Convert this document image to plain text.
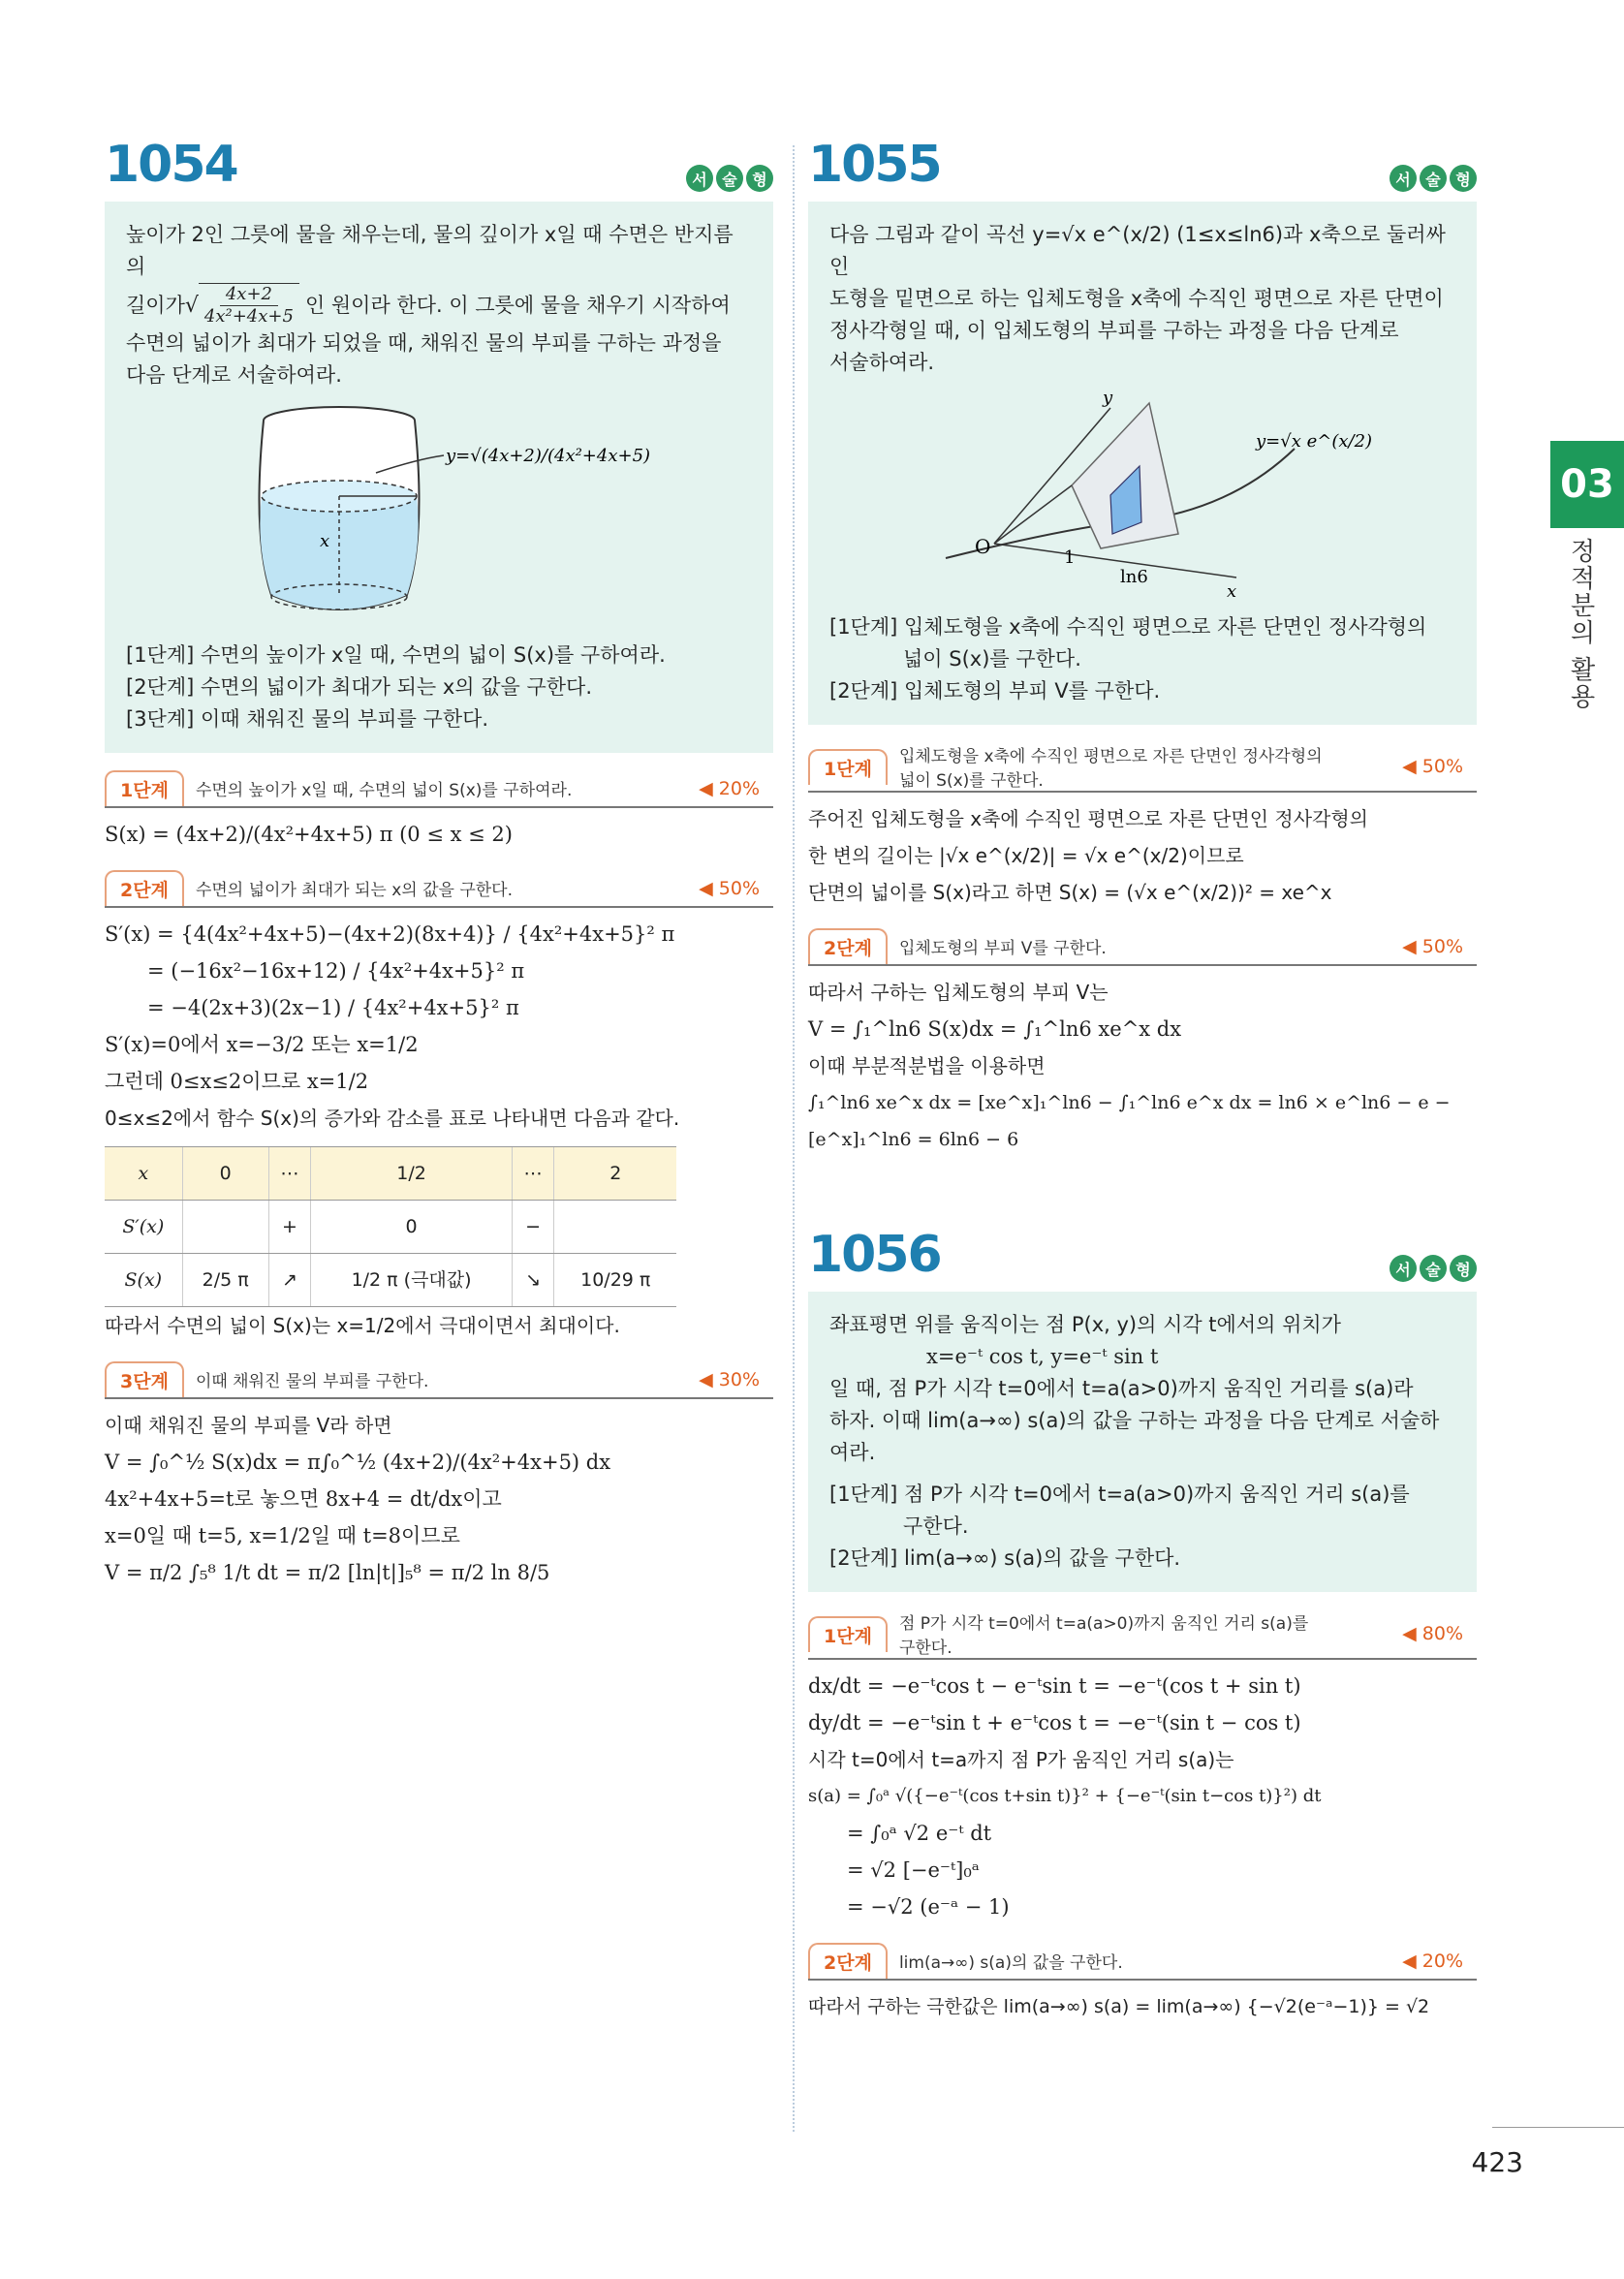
1054	서 술 형
높이가 2인 그릇에 물을 채우는데, 물의 깊이가 x일 때 수면은 반지름의
길이가 √ $\frac{4x+2}{\text{4x²+4x+5}}$ 인 원이라 한다. 이 그릇에 물을 채우기 시작하여
수면의 넓이가 최대가 되었을 때, 채워진 물의 부피를 구하는 과정을
다음 단계로 서술하여라.
y=√(4x+2)/(4x²+4x+5)
x
[1단계] 수면의 높이가 x일 때, 수면의 넓이 S(x)를 구하여라.
[2단계] 수면의 넓이가 최대가 되는 x의 값을 구한다.
[3단계] 이때 채워진 물의 부피를 구한다.
1단계	수면의 높이가 x일 때, 수면의 넓이 S(x)를 구하여라.	◀ 20%
S(x) = (4x+2)/(4x²+4x+5) π (0 ≤ x ≤ 2)
2단계	수면의 넓이가 최대가 되는 x의 값을 구한다.	◀ 50%
S′(x) = {4(4x²+4x+5)−(4x+2)(8x+4)} / {4x²+4x+5}² π
= (−16x²−16x+12) / {4x²+4x+5}² π
= −4(2x+3)(2x−1) / {4x²+4x+5}² π
S′(x)=0에서 x=−3/2 또는 x=1/2
그런데 0≤x≤2이므로 x=1/2
0≤x≤2에서 함수 S(x)의 증가와 감소를 표로 나타내면 다음과 같다.
x	0	⋯	1/2	⋯	2
S′(x)		+	0	−	
S(x)	2/5 π	↗	1/2 π (극대값)	↘	10/29 π
따라서 수면의 넓이 S(x)는 x=1/2에서 극대이면서 최대이다.
3단계	이때 채워진 물의 부피를 구한다.	◀ 30%
이때 채워진 물의 부피를 V라 하면
V = ∫₀^½ S(x)dx = π∫₀^½ (4x+2)/(4x²+4x+5) dx
4x²+4x+5=t로 놓으면 8x+4 = dt/dx이고
x=0일 때 t=5, x=1/2일 때 t=8이므로
V = π/2 ∫₅⁸ 1/t dt = π/2 [ln|t|]₅⁸ = π/2 ln 8/5
1055	서 술 형
다음 그림과 같이 곡선 y=√x e^(x/2) (1≤x≤ln6)과 x축으로 둘러싸인
도형을 밑면으로 하는 입체도형을 x축에 수직인 평면으로 자른 단면이
정사각형일 때, 이 입체도형의 부피를 구하는 과정을 다음 단계로
서술하여라.
O	1
ln6
y
x
y=√x e^(x/2)
[1단계] 입체도형을 x축에 수직인 평면으로 자른 단면인 정사각형의
넓이 S(x)를 구한다.
[2단계] 입체도형의 부피 V를 구한다.
1단계
입체도형을 x축에 수직인 평면으로 자른 단면인 정사각형의
넓이 S(x)를 구한다.
◀ 50%
주어진 입체도형을 x축에 수직인 평면으로 자른 단면인 정사각형의
한 변의 길이는 |√x e^(x/2)| = √x e^(x/2)이므로
단면의 넓이를 S(x)라고 하면 S(x) = (√x e^(x/2))² = xe^x
2단계	입체도형의 부피 V를 구한다.	◀ 50%
따라서 구하는 입체도형의 부피 V는
V = ∫₁^ln6 S(x)dx = ∫₁^ln6 xe^x dx
이때 부분적분법을 이용하면
∫₁^ln6 xe^x dx = [xe^x]₁^ln6 − ∫₁^ln6 e^x dx = ln6 × e^ln6 − e − [e^x]₁^ln6 = 6ln6 − 6
1056	서 술 형
좌표평면 위를 움직이는 점 P(x, y)의 시각 t에서의 위치가
x=e⁻ᵗ cos t, y=e⁻ᵗ sin t
일 때, 점 P가 시각 t=0에서 t=a(a>0)까지 움직인 거리를 s(a)라
하자. 이때 lim(a→∞) s(a)의 값을 구하는 과정을 다음 단계로 서술하여라.
[1단계] 점 P가 시각 t=0에서 t=a(a>0)까지 움직인 거리 s(a)를
구한다.
[2단계] lim(a→∞) s(a)의 값을 구한다.
1단계
점 P가 시각 t=0에서 t=a(a>0)까지 움직인 거리 s(a)를
구한다.
◀ 80%
dx/dt = −e⁻ᵗcos t − e⁻ᵗsin t = −e⁻ᵗ(cos t + sin t)
dy/dt = −e⁻ᵗsin t + e⁻ᵗcos t = −e⁻ᵗ(sin t − cos t)
시각 t=0에서 t=a까지 점 P가 움직인 거리 s(a)는
s(a) = ∫₀ᵃ √({−e⁻ᵗ(cos t+sin t)}² + {−e⁻ᵗ(sin t−cos t)}²) dt
= ∫₀ᵃ √2 e⁻ᵗ dt
= √2 [−e⁻ᵗ]₀ᵃ
= −√2 (e⁻ᵃ − 1)
2단계	lim(a→∞) s(a)의 값을 구한다.	◀ 20%
따라서 구하는 극한값은 lim(a→∞) s(a) = lim(a→∞) {−√2(e⁻ᵃ−1)} = √2
03
정적분의 활용
423
